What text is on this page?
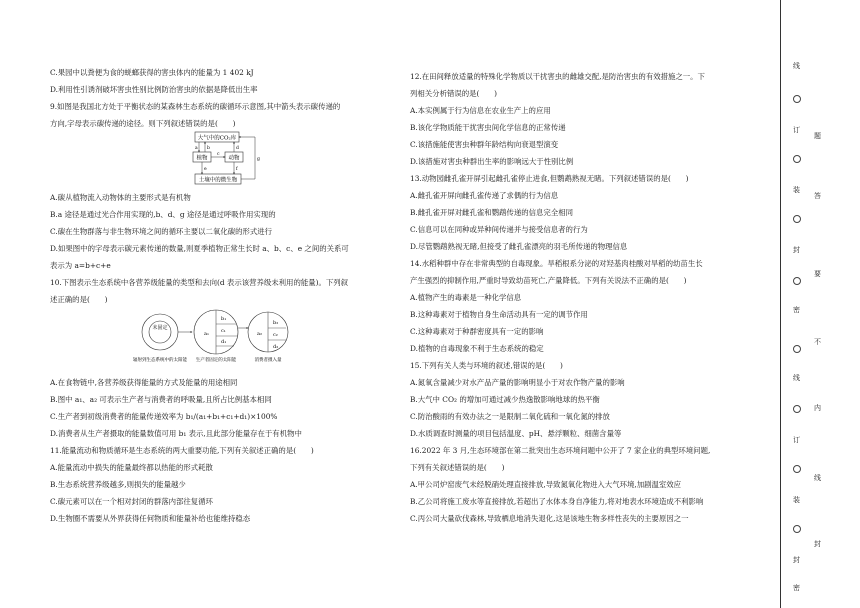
C.果园中以粪便为食的蜣螂获得的害虫体内的能量为 1 402 kJ
D.利用性引诱剂破坏害虫性别比例防治害虫的依据是降低出生率
9.如图是我国北方处于平衡状态的某森林生态系统的碳循环示意图,其中箭头表示碳传递的
方向,字母表示碳传递的途径。则下列叙述错误的是(　　)
大气中的CO₂库
植物	动物
土壤中的微生物
a b
c
d
e	f
g
A.碳从植物流入动物体的主要形式是有机物
B.a 途径是通过光合作用实现的,b、d、g 途径是通过呼吸作用实现的
C.碳在生物群落与非生物环境之间的循环主要以二氧化碳的形式进行
D.如果图中的字母表示碳元素传递的数量,则夏季植物正常生长时 a、b、c、e 之间的关系可
表示为 a=b+c+e
10.下图表示生态系统中各营养级能量的类型和去向(d 表示该营养级未利用的能量)。下列叙
述正确的是(　　)
未固定
a₁
b₁
c₁
d₁
a₂
b₂
c₂
d₂
辐射到生态系统中的太阳能 生产者固定的太阳能	消费者摄入量
A.在食物链中,各营养级获得能量的方式及能量的用途相同
B.图中 a₁、a₂ 可表示生产者与消费者的呼吸量,且所占比例基本相同
C.生产者到初级消费者的能量传递效率为 b₁/(a₁+b₁+c₁+d₁)×100%
D.消费者从生产者摄取的能量数值可用 b₁ 表示,且此部分能量存在于有机物中
11.能量流动和物质循环是生态系统的两大重要功能,下列有关叙述正确的是(　　)
A.能量流动中损失的能量最终都以热能的形式耗散
B.生态系统营养级越多,则损失的能量越少
C.碳元素可以在一个相对封闭的群落内部往复循环
D.生物圈不需要从外界获得任何物质和能量补给也能维持稳态
12.在田间释放适量的特殊化学物质以干扰害虫的雌雄交配,是防治害虫的有效措施之一。下
列相关分析错误的是(　　)
A.本实例属于行为信息在农业生产上的应用
B.该化学物质能干扰害虫间化学信息的正常传递
C.该措施能使害虫种群年龄结构向衰退型演变
D.该措施对害虫种群出生率的影响远大于性别比例
13.动物园雌孔雀开屏引起雌孔雀停止进食,但鹦鹉熟视无睹。下列叙述错误的是(　　)
A.雌孔雀开屏向雌孔雀传递了求偶的行为信息
B.雌孔雀开屏对雌孔雀和鹦鹉传递的信息完全相同
C.信息可以在同种或异种间传递并与接受信息者的行为
D.尽管鹦鹉熟视无睹,但接受了雌孔雀漂亮的羽毛所传递的物理信息
14.水稻种群中存在非常典型的自毒现象。旱稻根系分泌的对羟基肉桂酸对旱稻的幼苗生长
产生强烈的抑制作用,严重时导致幼苗死亡,产量降低。下列有关说法不正确的是(　　)
A.植物产生的毒素是一种化学信息
B.这种毒素对于植物自身生命活动具有一定的调节作用
C.这种毒素对于种群密度具有一定的影响
D.植物的自毒现象不利于生态系统的稳定
15.下列有关人类与环境的叙述,错误的是(　　)
A.氮氧含量减少对水产品产量的影响明显小于对农作物产量的影响
B.大气中 CO₂ 的增加可通过减少热逸散影响地球的热平衡
C.防治酸雨的有效办法之一是限制二氧化硫和一氧化氮的排放
D.水质调查时测量的项目包括温度、pH、悬浮颗粒、细菌含量等
16.2022 年 3 月,生态环境部在第二批突出生态环境问题中公开了 7 家企业的典型环境问题,
下列有关叙述错误的是(　　)
A.甲公司炉窑废气未经脱硝处理直接排放,导致氮氧化物进入大气环境,加剧温室效应
B.乙公司将施工废水等直接排放,若超出了水体本身自净能力,将对地表水环境造成不利影响
C.丙公司大量砍伐森林,导致栖息地消失退化,这是该地生物多样性丧失的主要原因之一
线
订
装
封
密
线
订
装
封
密
题
答
要
不
内
线
封
